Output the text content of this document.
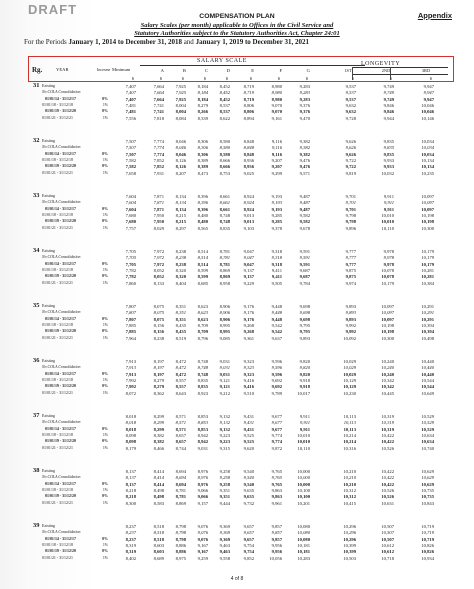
DRAFT	COMPENSATION PLAN	Appendix
Salary Scales (per month) applicable to Offices in the Civil Service and
Statutory Authorities subject to the Statutory Authorities Act, Chapter 24:01
For the Periods January 1, 2014 to December 31, 2018 and January 1, 2019 to December 31, 2021
Rg.	YEAR	Increase Minimum
SALARY SCALE	LONGEVITY
A	B	C	D	E	F	G	1ST	2ND	3RD
$	$	$	$	$	$	$	$	$	$	$
31 Existing	7,407	7,664	7,925	8,184	8,452	8,719	8,980	9,283	9,537	9,749	9,947
No COLA Consolidation	7,407	7,664	7,925	8,184	8,452	8,719	8,980	9,283	9,537	9,749	9,947
01/01/14 - 31/12/17	0%	7,407	7,664	7,925	8,184	8,452	8,719	8,980	9,283	9,537	9,749	9,947
01/01/18 - 31/12/18	1%	7,481	7,741	8,004	8,279	8,537	8,806	9,070	9,376	9,632	9,846	10,046
01/01/19 - 31/12/20	0%	7,481	7,741	8,004	8,266	8,537	8,806	9,070	9,376	9,632	9,846	10,046
01/01/21 - 31/12/21	1%	7,556	7,818	8,084	8,339	8,622	8,894	9,161	9,470	9,728	9,944	10,146
32 Existing	7,507	7,774	8,046	8,306	8,580	8,848	9,116	9,382	9,626	9,835	10,034
No COLA Consolidation	7,507	7,774	8,046	8,306	8,580	8,848	9,116	9,382	9,626	9,835	10,034
01/01/14 - 31/12/17	0%	7,507	7,774	8,046	8,306	8,580	8,848	9,116	9,382	9,626	9,835	10,034
01/01/18 - 31/12/18	1%	7,582	7,852	8,126	8,389	8,666	8,936	9,207	9,476	9,722	9,933	10,134
01/01/19 - 31/12/20	0%	7,582	7,852	8,126	8,389	8,666	8,936	9,207	9,476	9,722	9,933	10,134
01/01/21 - 31/12/21	1%	7,658	7,931	8,207	8,473	8,753	9,025	9,299	9,571	9,819	10,032	10,235
33 Existing	7,604	7,871	8,134	8,396	8,661	8,924	9,193	9,487	9,701	9,911	10,097
No COLA Consolidation	7,604	7,871	8,134	8,396	8,661	8,924	9,193	9,487	9,701	9,911	10,097
01/01/14 - 31/12/17	0%	7,604	7,871	8,134	8,396	8,661	8,924	9,193	9,487	9,701	9,911	10,097
01/01/18 - 31/12/18	1%	7,680	7,950	8,215	8,480	8,748	9,013	9,285	9,582	9,798	10,010	10,198
01/01/19 - 31/12/20	0%	7,680	7,950	8,215	8,480	8,748	9,013	9,285	9,582	9,798	10,010	10,198
01/01/21 - 31/12/21	1%	7,757	8,029	8,297	8,565	8,835	9,103	9,378	9,678	9,896	10,110	10,300
34 Existing	7,705	7,972	8,238	8,514	8,781	9,047	9,318	9,591	9,777	9,978	10,179
No COLA Consolidation	7,705	7,972	8,238	8,514	8,781	9,047	9,318	9,591	9,777	9,978	10,179
01/01/14 - 31/12/17	0%	7,705	7,972	8,238	8,514	8,781	9,047	9,318	9,591	9,777	9,978	10,179
01/01/18 - 31/12/18	1%	7,782	8,052	8,320	8,599	8,869	9,137	9,411	9,687	9,875	10,078	10,281
01/01/19 - 31/12/20	0%	7,782	8,052	8,320	8,599	8,869	9,137	9,411	9,687	9,875	10,078	10,281
01/01/21 - 31/12/21	1%	7,860	8,133	8,404	8,685	8,958	9,229	9,505	9,784	9,974	10,179	10,384
35 Existing	7,807	8,075	8,351	8,623	8,906	9,176	9,448	9,698	9,893	10,097	10,291
No COLA Consolidation	7,807	8,075	8,351	8,623	8,906	9,176	9,448	9,698	9,893	10,097	10,291
01/01/14 - 31/12/17	0%	7,807	8,075	8,351	8,623	8,906	9,176	9,448	9,698	9,893	10,097	10,291
01/01/18 - 31/12/18	1%	7,885	8,156	8,435	8,709	8,995	9,268	9,542	9,795	9,992	10,198	10,394
01/01/19 - 31/12/20	0%	7,885	8,156	8,435	8,709	8,995	9,268	9,542	9,795	9,992	10,198	10,394
01/01/21 - 31/12/21	1%	7,964	8,238	8,519	8,796	9,085	9,361	9,637	9,893	10,092	10,300	10,498
36 Existing	7,913	8,197	8,472	8,748	9,031	9,323	9,596	9,820	10,029	10,240	10,440
No COLA Consolidation	7,913	8,197	8,472	8,748	9,031	9,323	9,596	9,820	10,029	10,240	10,440
01/01/14 - 31/12/17	0%	7,913	8,197	8,472	8,748	9,031	9,323	9,596	9,820	10,029	10,240	10,440
01/01/18 - 31/12/18	1%	7,992	8,279	8,557	8,835	9,121	9,416	9,692	9,918	10,129	10,342	10,544
01/01/19 - 31/12/20	0%	7,992	8,279	8,557	8,835	9,121	9,416	9,692	9,918	10,129	10,342	10,544
01/01/21 - 31/12/21	1%	8,072	8,362	8,643	8,923	9,212	9,510	9,789	10,017	10,230	10,445	10,649
37 Existing	8,018	8,299	8,571	8,853	9,132	9,431	9,677	9,911	10,113	10,319	10,529
No COLA Consolidation	8,018	8,299	8,571	8,853	9,132	9,431	9,677	9,911	10,113	10,319	10,529
01/01/14 - 31/12/17	0%	8,018	8,299	8,571	8,853	9,132	9,431	9,677	9,911	10,113	10,319	10,529
01/01/18 - 31/12/18	1%	8,098	8,382	8,657	8,942	9,223	9,525	9,774	10,010	10,214	10,422	10,634
01/01/19 - 31/12/20	0%	8,098	8,382	8,657	8,942	9,223	9,525	9,774	10,010	10,214	10,422	10,634
01/01/21 - 31/12/21	1%	8,179	8,466	8,744	9,031	9,315	9,620	9,872	10,110	10,316	10,526	10,740
38 Existing	8,137	8,414	8,694	8,976	9,258	9,540	9,765	10,000	10,210	10,422	10,629
No COLA Consolidation	8,137	8,414	8,694	8,976	9,258	9,540	9,765	10,000	10,210	10,422	10,629
01/01/14 - 31/12/17	0%	8,137	8,414	8,694	8,976	9,258	9,540	9,765	10,000	10,210	10,422	10,629
01/01/18 - 31/12/18	1%	8,218	8,498	8,781	9,066	9,351	9,635	9,863	10,100	10,312	10,526	10,735
01/01/19 - 31/12/20	0%	8,218	8,498	8,781	9,066	9,351	9,635	9,863	10,100	10,312	10,526	10,735
01/01/21 - 31/12/21	1%	8,300	8,583	8,869	9,157	9,444	9,732	9,961	10,201	10,415	10,631	10,843
39 Existing	8,237	8,518	8,798	9,076	9,369	9,657	9,857	10,080	10,296	10,507	10,719
No COLA Consolidation	8,237	8,518	8,798	9,076	9,369	9,657	9,857	10,080	10,296	10,507	10,719
01/01/14 - 31/12/17	0%	8,237	8,518	8,798	9,076	9,369	9,657	9,857	10,080	10,296	10,507	10,719
01/01/18 - 31/12/18	1%	8,319	8,603	8,886	9,167	9,463	9,754	9,956	10,181	10,399	10,612	10,826
01/01/19 - 31/12/20	0%	8,319	8,603	8,886	9,167	9,463	9,754	9,956	10,181	10,399	10,612	10,826
01/01/21 - 31/12/21	1%	8,402	8,689	8,975	9,259	9,558	9,852	10,056	10,283	10,503	10,718	10,934
4 of 8
